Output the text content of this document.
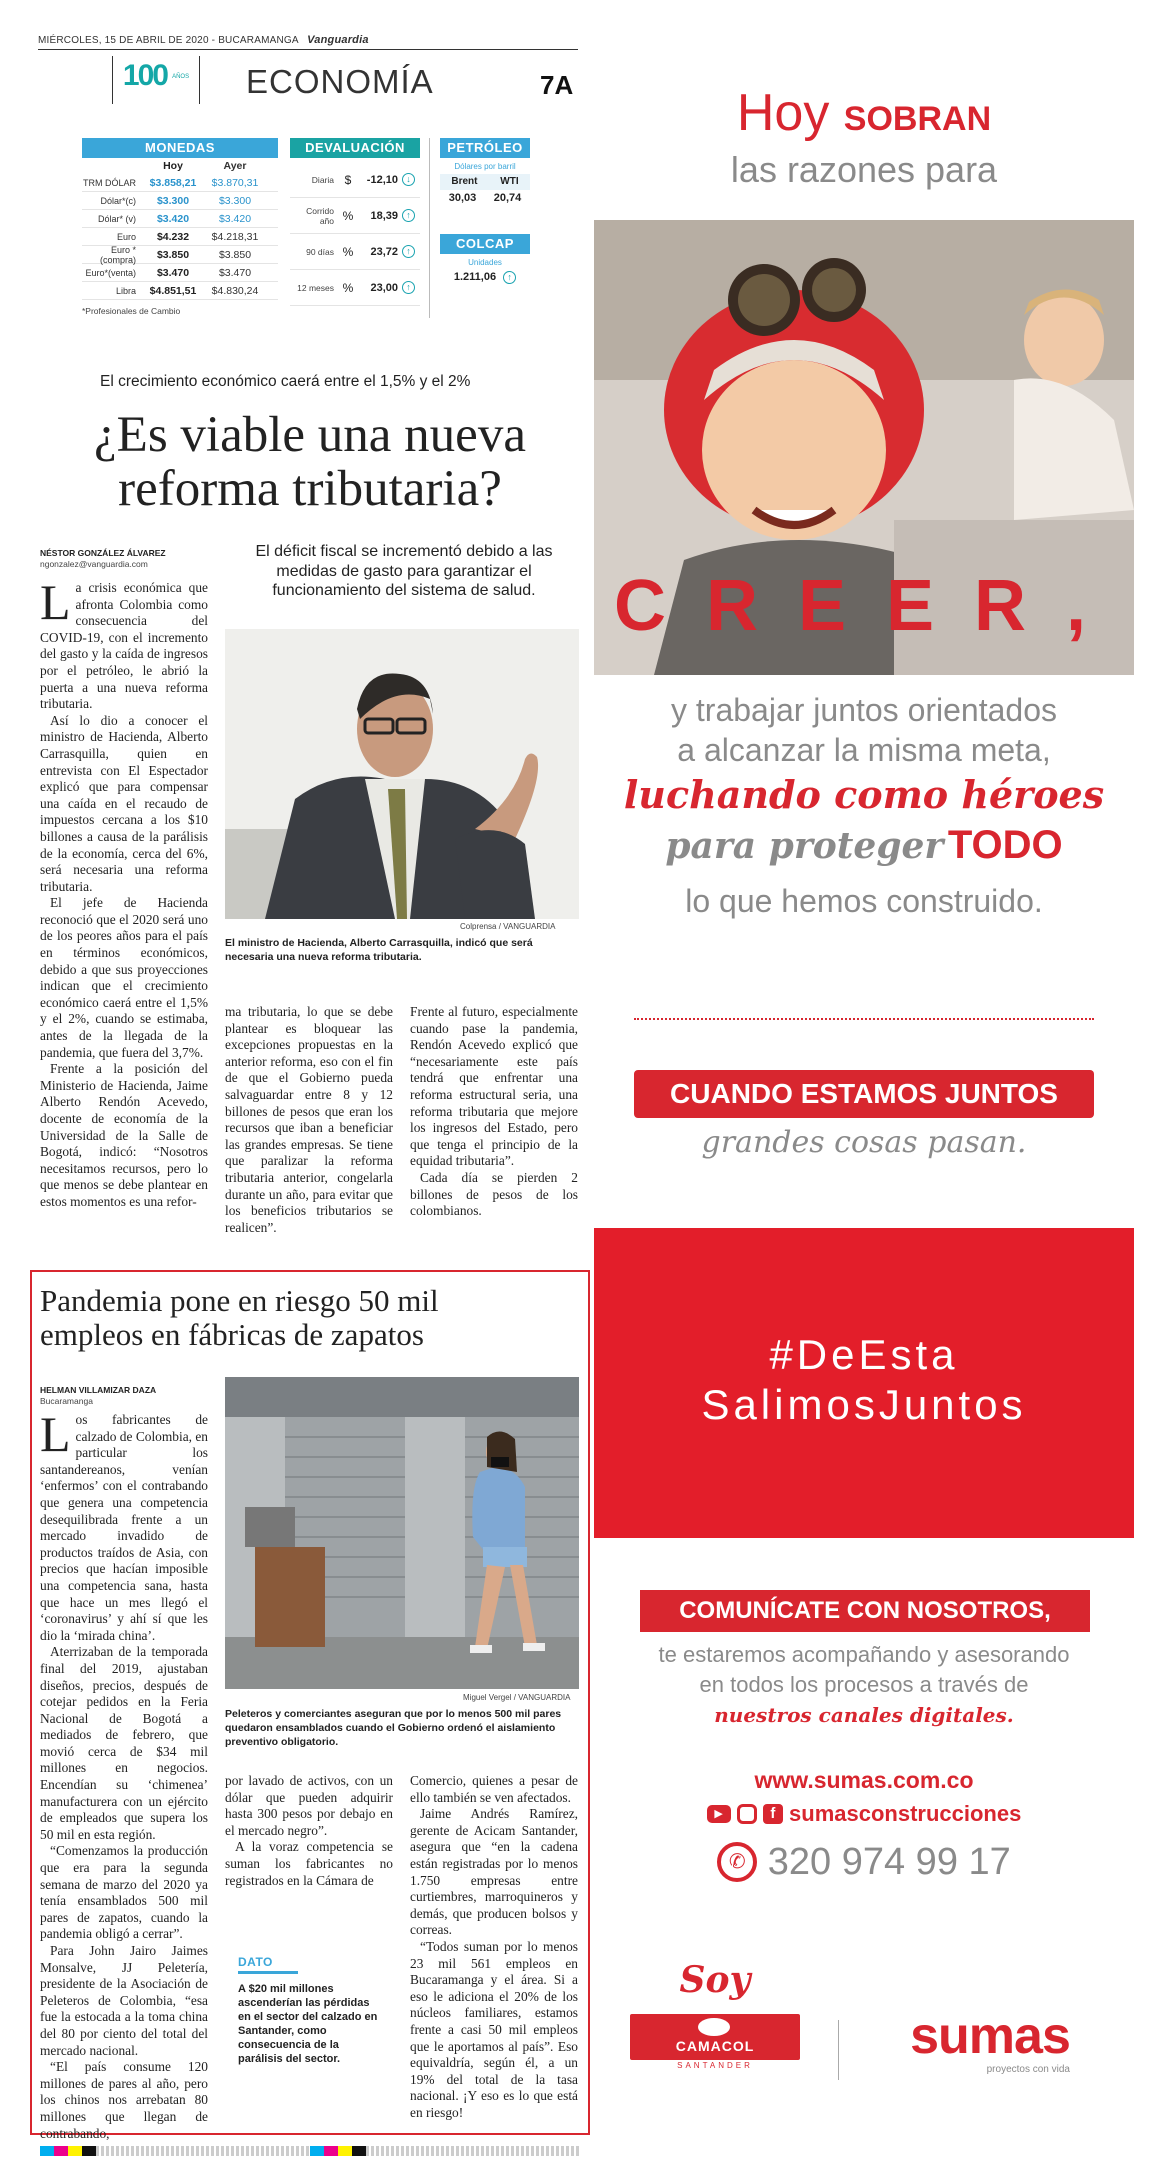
MIÉRCOLES, 15 DE ABRIL DE 2020 - BUCARAMANGA Vanguardia
100 AÑOS	ECONOMÍA	7A
MONEDAS
Hoy	Ayer
TRM DÓLAR	$3.858,21	$3.870,31
Dólar*(c)	$3.300	$3.300
Dólar* (v)	$3.420	$3.420
Euro	$4.232	$4.218,31
Euro *(compra)	$3.850	$3.850
Euro*(venta)	$3.470	$3.470
Libra	$4.851,51	$4.830,24
*Profesionales de Cambio
DEVALUACIÓN
Diaria $	-12,10 ↓
Corrido año %	18,39 ↑
90 días %	23,72 ↑
12 meses %	23,00 ↑
PETRÓLEO
Dólares por barril
Brent WTI
30,03 20,74
COLCAP
Unidades
1.211,06 ↑
El crecimiento económico caerá entre el 1,5% y el 2%
¿Es viable una nueva
reforma tributaria?
NÉSTOR GONZÁLEZ ÁLVAREZ
ngonzalez@vanguardia.com
El déficit fiscal se incrementó debido a las medidas de gasto para garantizar el funcionamiento del sistema de salud.
Colprensa / VANGUARDIA
El ministro de Hacienda, Alberto Carrasquilla, indicó que será necesaria una nueva reforma tributaria.

La crisis económica que afronta Colombia como consecuencia del COVID-19, con el incremento del gasto y la caída de ingresos por el petróleo, le abrió la puerta a una nueva reforma tributaria.

Así lo dio a conocer el ministro de Hacienda, Alberto Carrasquilla, quien en entrevista con El Espectador explicó que para compensar una caída en el recaudo de impuestos cercana a los $10 billones a causa de la parálisis de la economía, cerca del 6%, será necesaria una reforma tributaria.

El jefe de Hacienda reconoció que el 2020 será uno de los peores años para el país en términos económicos, debido a que sus proyecciones indican que el crecimiento económico caerá entre el 1,5% y el 2%, cuando se estimaba, antes de la llegada de la pandemia, que fuera del 3,7%.

Frente a la posición del Ministerio de Hacienda, Jaime Alberto Rendón Acevedo, docente de economía de la Universidad de la Salle de Bogotá, indicó: “Nosotros necesitamos recursos, pero lo que menos se debe plantear en estos momentos es una refor-

ma tributaria, lo que se debe plantear es bloquear las excepciones propuestas en la anterior reforma, eso con el fin de que el Gobierno pueda salvaguardar entre 8 y 12 billones de pesos que eran los recursos que iban a beneficiar las grandes empresas. Se tiene que paralizar la reforma tributaria anterior, congelarla durante un año, para evitar que los beneficios tributarios se realicen”.

Frente al futuro, especialmente cuando pase la pandemia, Rendón Acevedo explicó que “necesariamente este país tendrá que enfrentar una reforma estructural seria, una reforma tributaria que mejore los ingresos del Estado, pero que tenga el principio de la equidad tributaria”.

Cada día se pierden 2 billones de pesos de los colombianos.

Pandemia pone en riesgo 50 mil
empleos en fábricas de zapatos
HELMAN VILLAMIZAR DAZA
Bucaramanga
Miguel Vergel / VANGUARDIA
Peleteros y comerciantes aseguran que por lo menos 500 mil pares quedaron ensamblados cuando el Gobierno ordenó el aislamiento preventivo obligatorio.

Los fabricantes de calzado de Colombia, en particular los santandereanos, venían ‘enfermos’ con el contrabando que genera una competencia desequilibrada frente a un mercado invadido de productos traídos de Asia, con precios que hacían imposible una competencia sana, hasta que hace un mes llegó el ‘coronavirus’ y ahí sí que les dio la ‘mirada china’.

Aterrizaban de la temporada final del 2019, ajustaban diseños, precios, después de cotejar pedidos en la Feria Nacional de Bogotá a mediados de febrero, que movió cerca de $34 mil millones en negocios. Encendían su ‘chimenea’ manufacturera con un ejército de empleados que supera los 50 mil en esta región.

“Comenzamos la producción que era para la segunda semana de marzo del 2020 ya tenía ensamblados 500 mil pares de zapatos, cuando la pandemia obligó a cerrar”.

Para John Jairo Jaimes Monsalve, JJ Peletería, presidente de la Asociación de Peleteros de Colombia, “esa fue la estocada a la toma china del 80 por ciento del total del mercado nacional.

“El país consume 120 millones de pares al año, pero los chinos nos arrebatan 80 millones que llegan de contrabando,

por lavado de activos, con un dólar que pueden adquirir hasta 300 pesos por debajo en el mercado negro”.

A la voraz competencia se suman los fabricantes no registrados en la Cámara de

DATO
A $20 mil millones ascenderían las pérdidas en el sector del calzado en Santander, como consecuencia de la parálisis del sector.

Comercio, quienes a pesar de ello también se ven afectados.

Jaime Andrés Ramírez, gerente de Acicam Santander, asegura que “en la cadena están registradas por lo menos 1.750 empresas entre curtiembres, marroquineros y demás, que producen bolsos y correas.

“Todos suman por lo menos 23 mil 561 empleos en Bucaramanga y el área. Si a eso le adiciona el 20% de los núcleos familiares, estamos frente a casi 50 mil empleos que le aportamos al país”. Eso equivaldría, según él, a un 19% del total de la tasa nacional. ¡Y eso es lo que está en riesgo!

Hoy SOBRAN
las razones para
C R E E R ,
y trabajar juntos orientados
a alcanzar la misma meta,
luchando como héroes
para proteger TODO
lo que hemos construido.
CUANDO ESTAMOS JUNTOS
grandes cosas pasan.
#DeEsta
SalimosJuntos
COMUNÍCATE CON NOSOTROS,
te estaremos acompañando y asesorando
en todos los procesos a través de
nuestros canales digitales.
www.sumas.com.co
▶	f sumasconstrucciones
✆ 320 974 99 17
Soy
CAMACOL
SANTANDER
sumas
proyectos con vida
